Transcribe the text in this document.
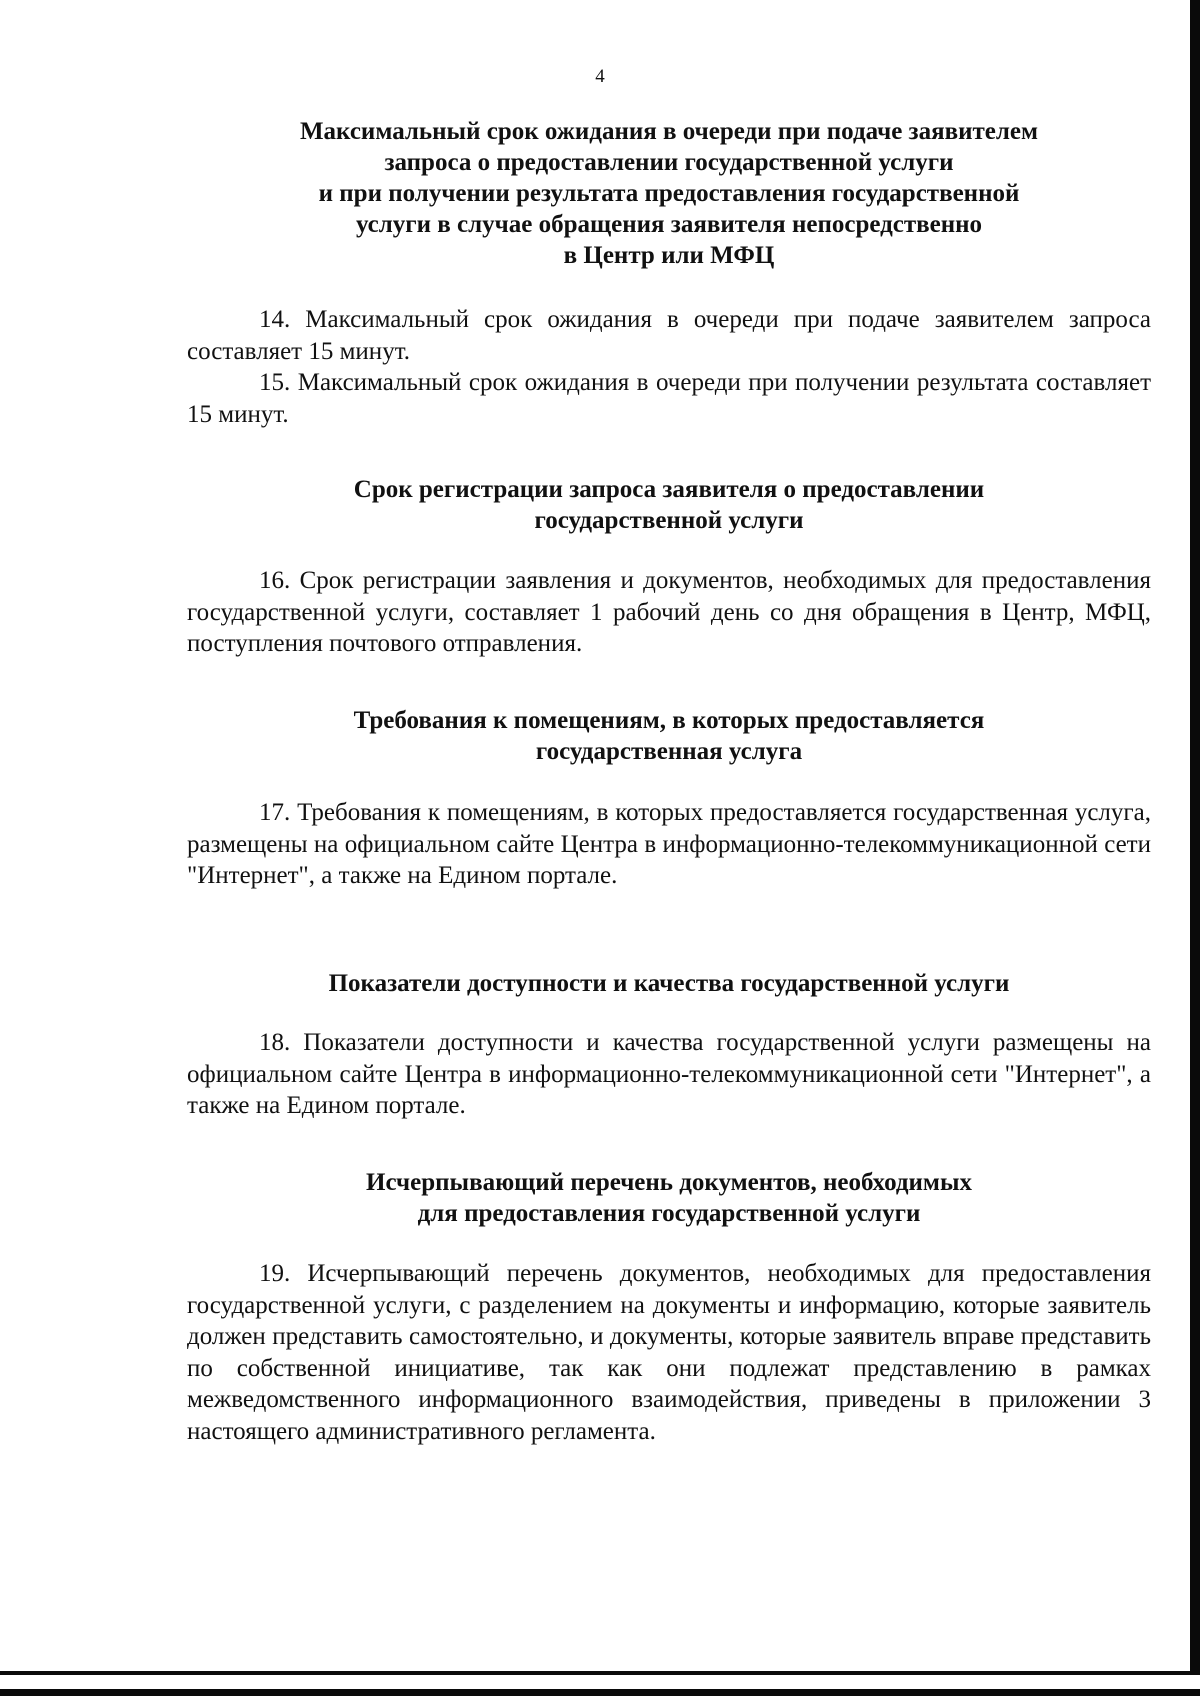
4
Максимальный срок ожидания в очереди при подаче заявителем
запроса о предоставлении государственной услуги
и при получении результата предоставления государственной
услуги в случае обращения заявителя непосредственно
в Центр или МФЦ

14. Максимальный срок ожидания в очереди при подаче заявителем запроса составляет 15 минут.

15. Максимальный срок ожидания в очереди при получении результата составляет 15 минут.

Срок регистрации запроса заявителя о предоставлении
государственной услуги

16. Срок регистрации заявления и документов, необходимых для предоставления государственной услуги, составляет 1 рабочий день со дня обращения в Центр, МФЦ, поступления почтового отправления.

Требования к помещениям, в которых предоставляется
государственная услуга

17. Требования к помещениям, в которых предоставляется государственная услуга, размещены на официальном сайте Центра в информационно-телекоммуникационной сети "Интернет", а также на Едином портале.

Показатели доступности и качества государственной услуги

18. Показатели доступности и качества государственной услуги размещены на официальном сайте Центра в информационно-телекоммуникационной сети "Интернет", а также на Едином портале.

Исчерпывающий перечень документов, необходимых
для предоставления государственной услуги

19. Исчерпывающий перечень документов, необходимых для предоставления государственной услуги, с разделением на документы и информацию, которые заявитель должен представить самостоятельно, и документы, которые заявитель вправе представить по собственной инициативе, так как они подлежат представлению в рамках межведомственного информационного взаимодействия, приведены в приложении 3 настоящего административного регламента.
